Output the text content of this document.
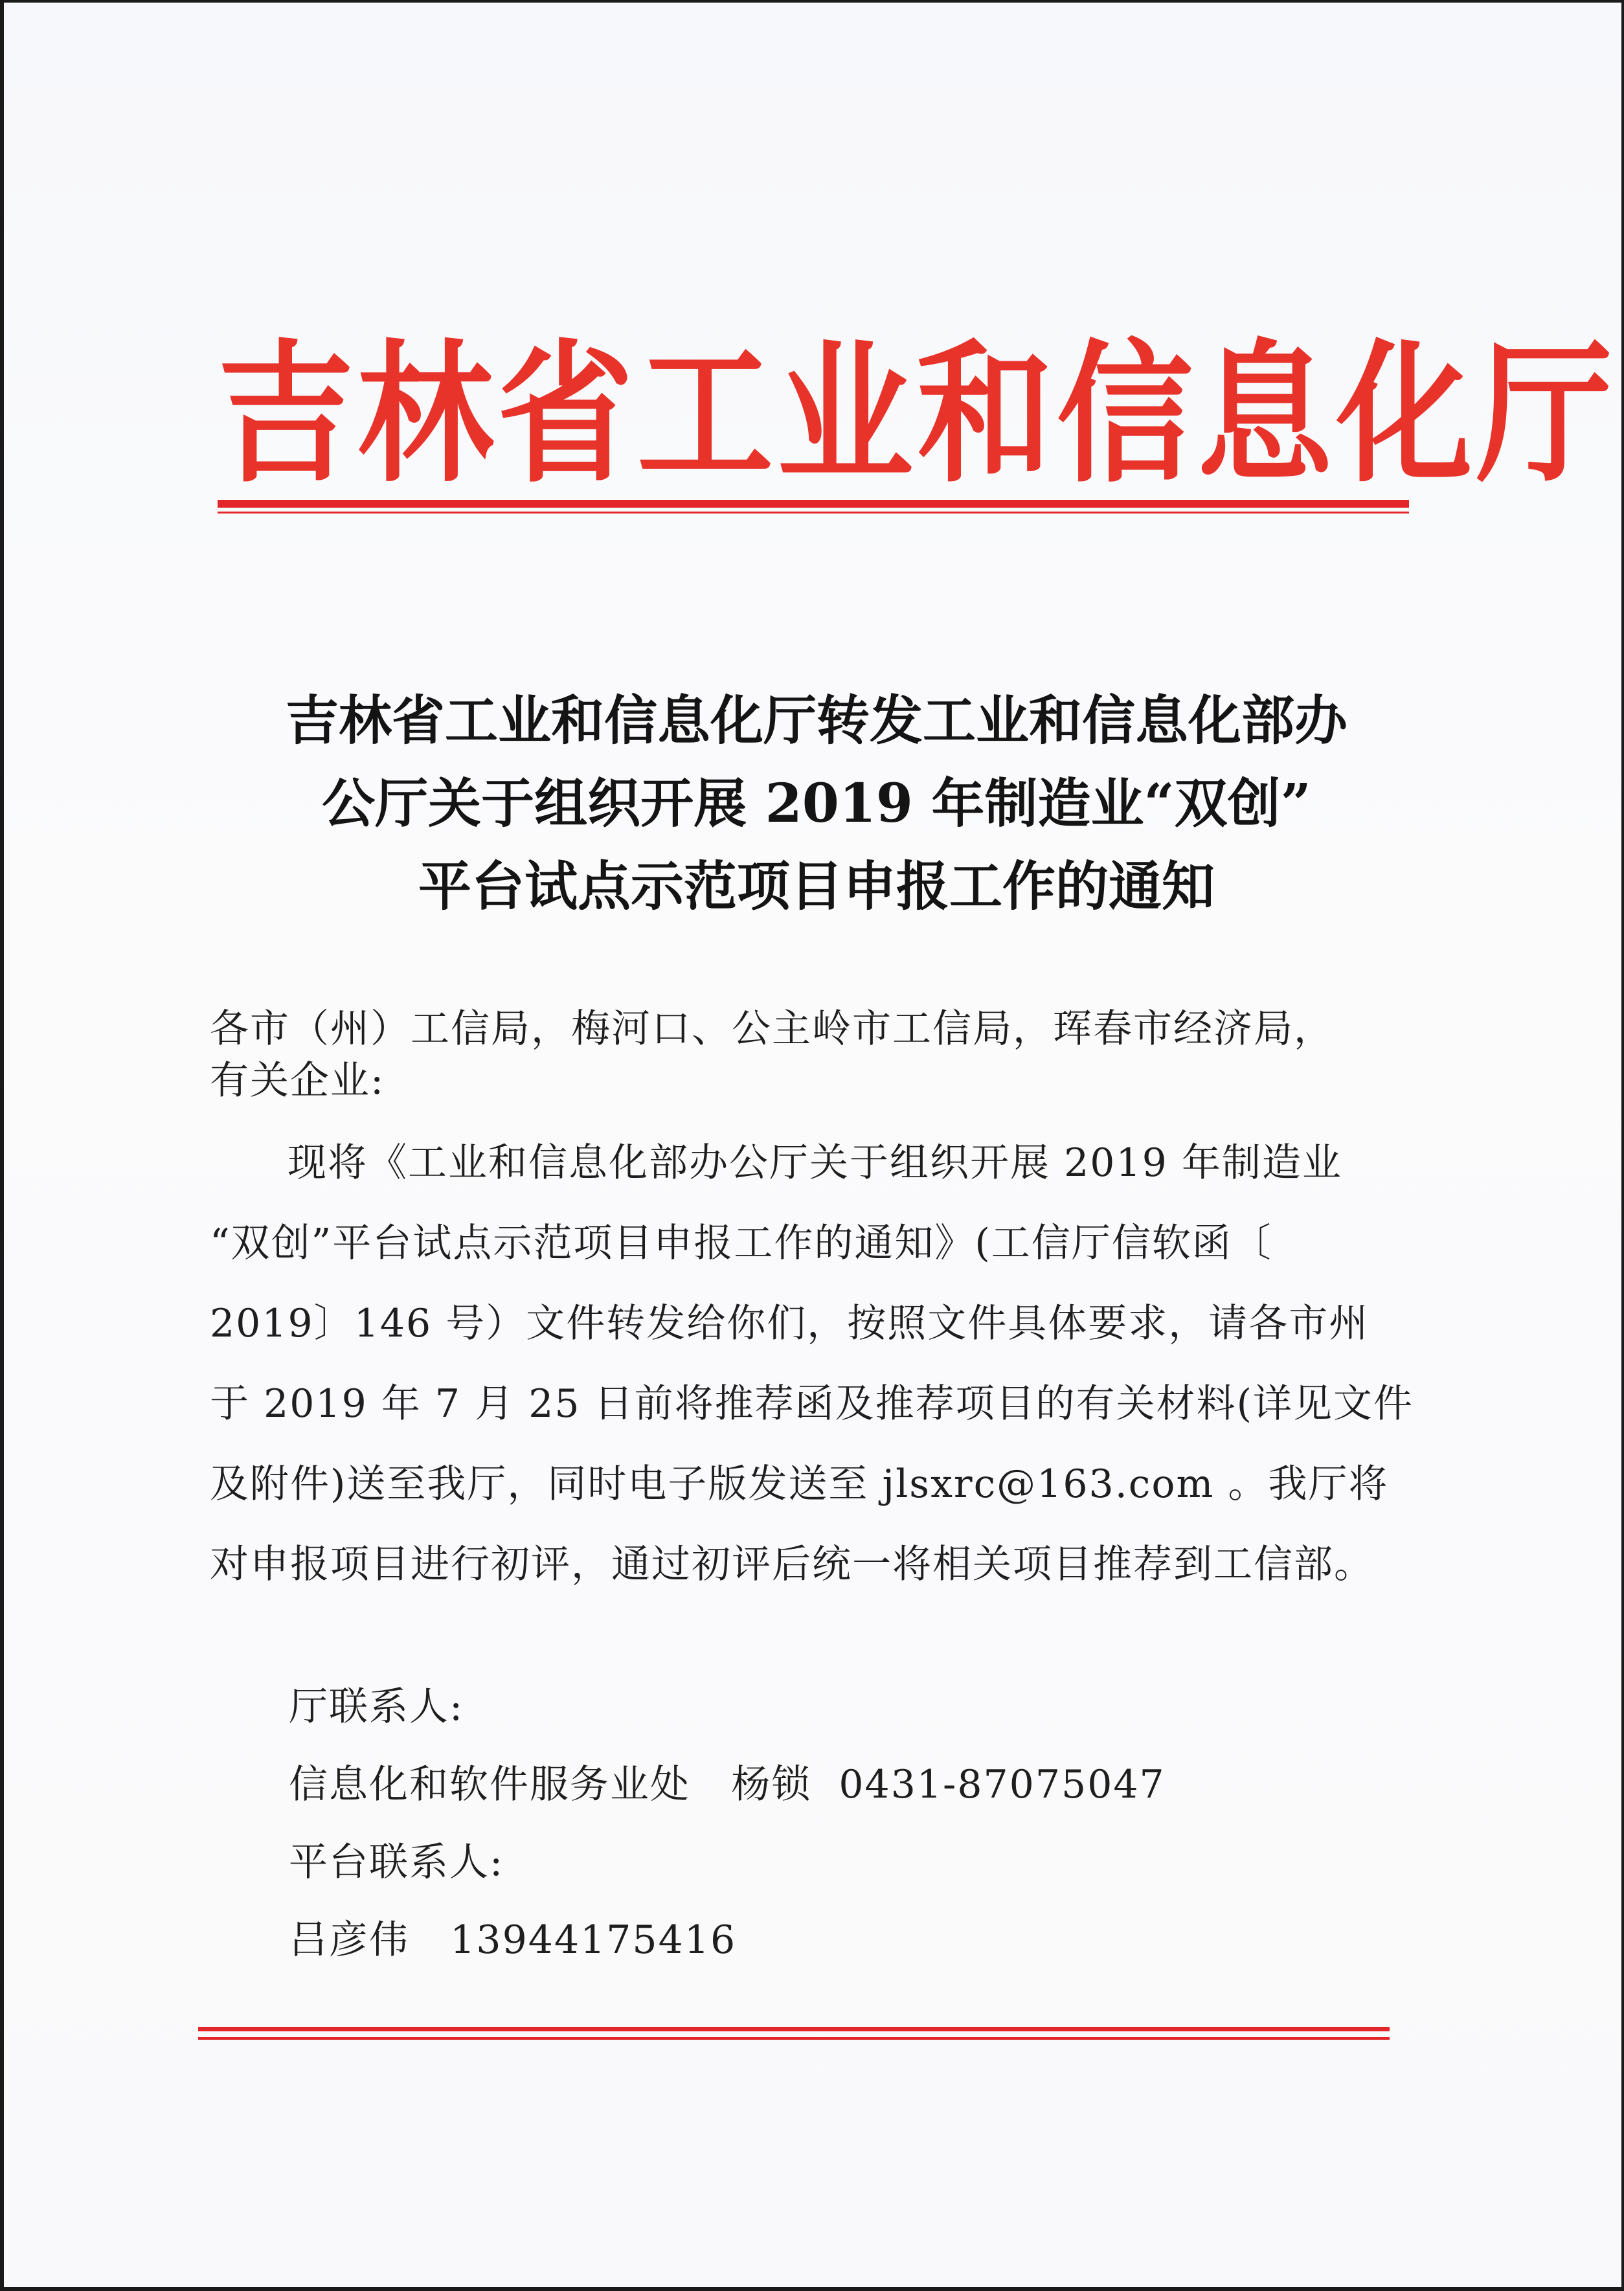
吉林省工业和信息化厅
吉林省工业和信息化厅转发工业和信息化部办
公厅关于组织开展 2019 年制造业“双创”
平台试点示范项目申报工作的通知
各市（州）工信局，梅河口、公主岭市工信局，珲春市经济局，
有关企业:
现将《工业和信息化部办公厅关于组织开展 2019 年制造业
“双创”平台试点示范项目申报工作的通知》(工信厅信软函〔
2019〕146 号）文件转发给你们，按照文件具体要求，请各市州
于 2019 年 7 月 25 日前将推荐函及推荐项目的有关材料(详见文件
及附件)送至我厅，同时电子版发送至 jlsxrc@163.com 。我厅将
对申报项目进行初评，通过初评后统一将相关项目推荐到工信部。
厅联系人:
信息化和软件服务业处   杨锁  0431-87075047
平台联系人:
吕彦伟   13944175416
